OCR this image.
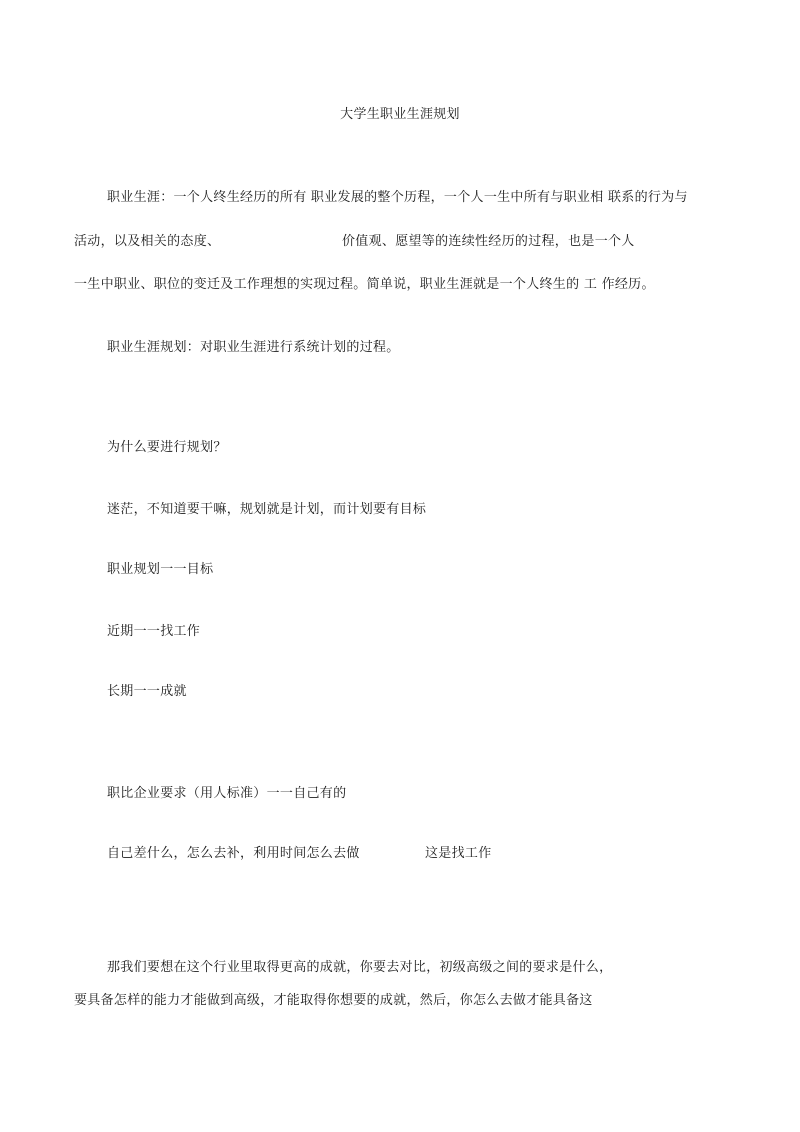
大学生职业生涯规划
职业生涯：一个人终生经历的所有 职业发展的整个历程，一个人一生中所有与职业相 联系的行为与
活动，以及相关的态度、	价值观、愿望等的连续性经历的过程，也是一个人
一生中职业、职位的变迁及工作理想的实现过程。简单说，职业生涯就是一个人终生的 工 作经历。
职业生涯规划：对职业生涯进行系统计划的过程。
为什么要进行规划？
迷茫，不知道要干嘛，规划就是计划，而计划要有目标
职业规划一一目标
近期一一找工作
长期一一成就
职比企业要求（用人标准）一一自己有的
自己差什么，怎么去补，利用时间怎么去做	这是找工作
那我们要想在这个行业里取得更高的成就，你要去对比，初级高级之间的要求是什么，
要具备怎样的能力才能做到高级，才能取得你想要的成就，然后，你怎么去做才能具备这
